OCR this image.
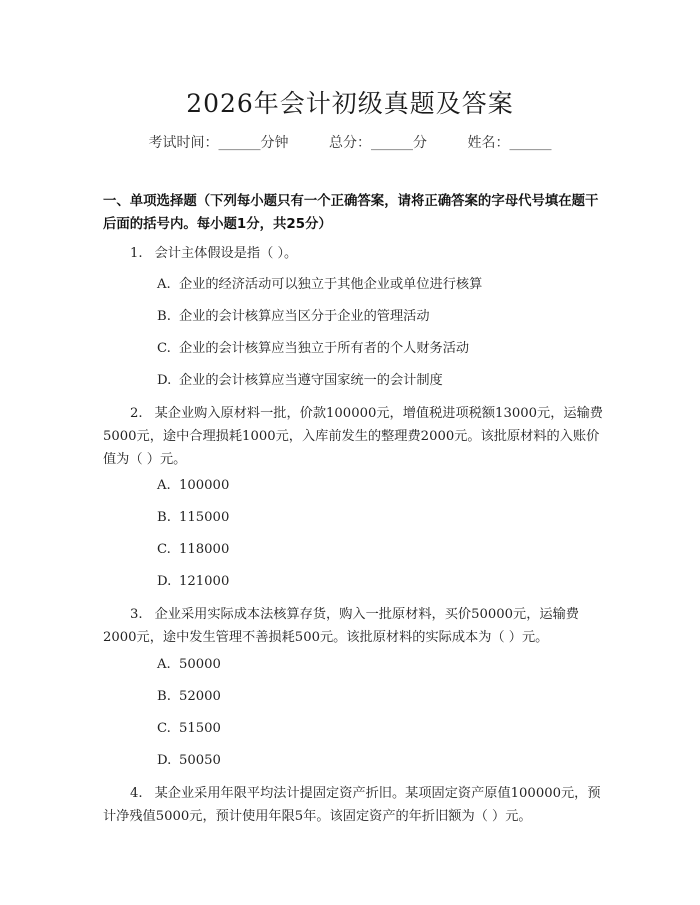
2026年会计初级真题及答案
考试时间：______分钟	总分：______分	姓名：______
一、单项选择题（下列每小题只有一个正确答案，请将正确答案的字母代号填在题干后面的括号内。每小题1分，共25分）
1. 会计主体假设是指（ ）。
A. 企业的经济活动可以独立于其他企业或单位进行核算
B. 企业的会计核算应当区分于企业的管理活动
C. 企业的会计核算应当独立于所有者的个人财务活动
D. 企业的会计核算应当遵守国家统一的会计制度
2. 某企业购入原材料一批，价款100000元，增值税进项税额13000元，运输费5000元，途中合理损耗1000元，入库前发生的整理费2000元。该批原材料的入账价值为（ ）元。
A. 100000
B. 115000
C. 118000
D. 121000
3. 企业采用实际成本法核算存货，购入一批原材料，买价50000元，运输费2000元，途中发生管理不善损耗500元。该批原材料的实际成本为（ ）元。
A. 50000
B. 52000
C. 51500
D. 50050
4. 某企业采用年限平均法计提固定资产折旧。某项固定资产原值100000元，预计净残值5000元，预计使用年限5年。该固定资产的年折旧额为（ ）元。
